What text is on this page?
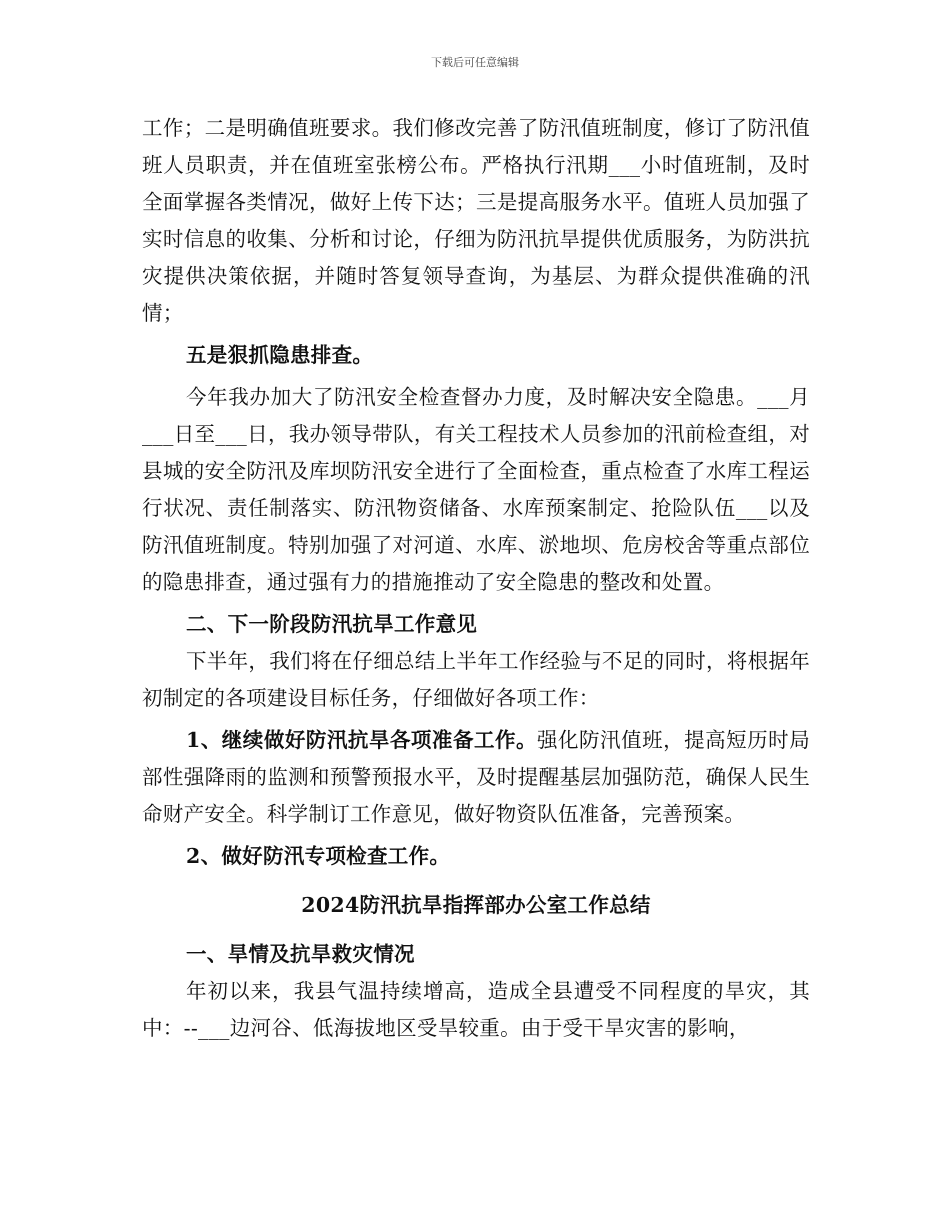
下载后可任意编辑

工作；二是明确值班要求。我们修改完善了防汛值班制度，修订了防汛值班人员职责，并在值班室张榜公布。严格执行汛期___小时值班制，及时全面掌握各类情况，做好上传下达；三是提高服务水平。值班人员加强了实时信息的收集、分析和讨论，仔细为防汛抗旱提供优质服务，为防洪抗灾提供决策依据，并随时答复领导查询，为基层、为群众提供准确的汛情；

五是狠抓隐患排查。

今年我办加大了防汛安全检查督办力度，及时解决安全隐患。___月___日至___日，我办领导带队，有关工程技术人员参加的汛前检查组，对县城的安全防汛及库坝防汛安全进行了全面检查，重点检查了水库工程运行状况、责任制落实、防汛物资储备、水库预案制定、抢险队伍___以及防汛值班制度。特别加强了对河道、水库、淤地坝、危房校舍等重点部位的隐患排查，通过强有力的措施推动了安全隐患的整改和处置。

二、下一阶段防汛抗旱工作意见

下半年，我们将在仔细总结上半年工作经验与不足的同时，将根据年初制定的各项建设目标任务，仔细做好各项工作：

1、继续做好防汛抗旱各项准备工作。强化防汛值班，提高短历时局部性强降雨的监测和预警预报水平，及时提醒基层加强防范，确保人民生命财产安全。科学制订工作意见，做好物资队伍准备，完善预案。

2、做好防汛专项检查工作。

2024防汛抗旱指挥部办公室工作总结

一、旱情及抗旱救灾情况

年初以来，我县气温持续增高，造成全县遭受不同程度的旱灾，其中：--___边河谷、低海拔地区受旱较重。由于受干旱灾害的影响，
